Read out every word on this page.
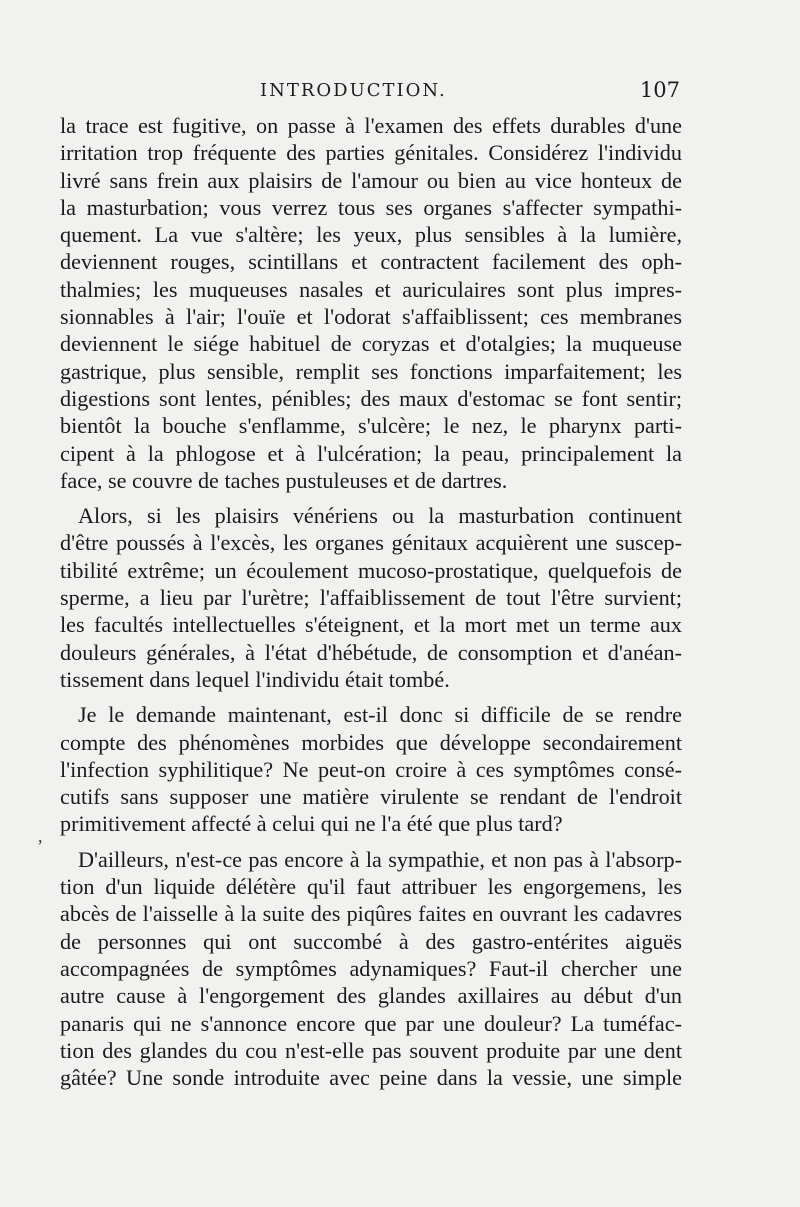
INTRODUCTION.	107
,
la trace est fugitive, on passe à l'examen des effets durables d'une
irritation trop fréquente des parties génitales. Considérez l'individu
livré sans frein aux plaisirs de l'amour ou bien au vice honteux de
la masturbation; vous verrez tous ses organes s'affecter sympathi-
quement. La vue s'altère; les yeux, plus sensibles à la lumière,
deviennent rouges, scintillans et contractent facilement des oph-
thalmies; les muqueuses nasales et auriculaires sont plus impres-
sionnables à l'air; l'ouïe et l'odorat s'affaiblissent; ces membranes
deviennent le siége habituel de coryzas et d'otalgies; la muqueuse
gastrique, plus sensible, remplit ses fonctions imparfaitement; les
digestions sont lentes, pénibles; des maux d'estomac se font sentir;
bientôt la bouche s'enflamme, s'ulcère; le nez, le pharynx parti-
cipent à la phlogose et à l'ulcération; la peau, principalement la
face, se couvre de taches pustuleuses et de dartres.
Alors, si les plaisirs vénériens ou la masturbation continuent
d'être poussés à l'excès, les organes génitaux acquièrent une suscep-
tibilité extrême; un écoulement mucoso-prostatique, quelquefois de
sperme, a lieu par l'urètre; l'affaiblissement de tout l'être survient;
les facultés intellectuelles s'éteignent, et la mort met un terme aux
douleurs générales, à l'état d'hébétude, de consomption et d'anéan-
tissement dans lequel l'individu était tombé.
Je le demande maintenant, est-il donc si difficile de se rendre
compte des phénomènes morbides que développe secondairement
l'infection syphilitique? Ne peut-on croire à ces symptômes consé-
cutifs sans supposer une matière virulente se rendant de l'endroit
primitivement affecté à celui qui ne l'a été que plus tard?
D'ailleurs, n'est-ce pas encore à la sympathie, et non pas à l'absorp-
tion d'un liquide délétère qu'il faut attribuer les engorgemens, les
abcès de l'aisselle à la suite des piqûres faites en ouvrant les cadavres
de personnes qui ont succombé à des gastro-entérites aiguës
accompagnées de symptômes adynamiques? Faut-il chercher une
autre cause à l'engorgement des glandes axillaires au début d'un
panaris qui ne s'annonce encore que par une douleur? La tuméfac-
tion des glandes du cou n'est-elle pas souvent produite par une dent
gâtée? Une sonde introduite avec peine dans la vessie, une simple
